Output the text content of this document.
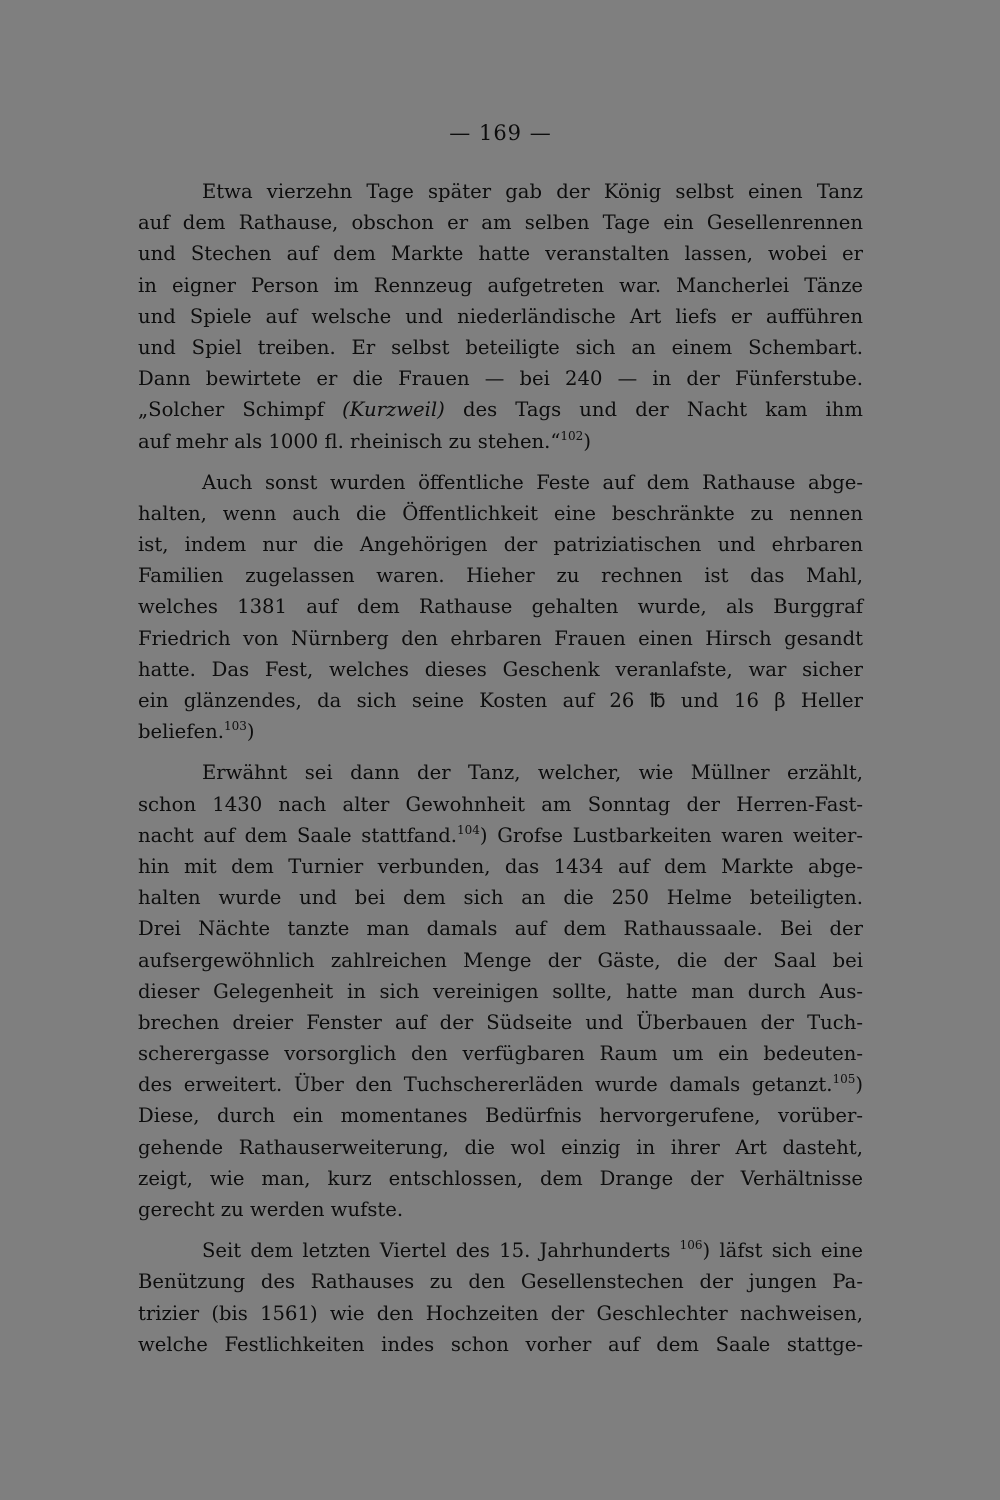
— 169 —
Etwa vierzehn Tage später gab der König selbst einen Tanz
auf dem Rathause, obschon er am selben Tage ein Gesellenrennen
und Stechen auf dem Markte hatte veranstalten lassen, wobei er
in eigner Person im Rennzeug aufgetreten war. Mancherlei Tänze
und Spiele auf welsche und niederländische Art liefs er aufführen
und Spiel treiben. Er selbst beteiligte sich an einem Schembart.
Dann bewirtete er die Frauen — bei 240 — in der Fünferstube.
„Solcher Schimpf (Kurzweil) des Tags und der Nacht kam ihm
auf mehr als 1000 fl. rheinisch zu stehen.“$^{102}$)
Auch sonst wurden öffentliche Feste auf dem Rathause abge-
halten, wenn auch die Öffentlichkeit eine beschränkte zu nennen
ist, indem nur die Angehörigen der patriziatischen und ehrbaren
Familien zugelassen waren. Hieher zu rechnen ist das Mahl,
welches 1381 auf dem Rathause gehalten wurde, als Burggraf
Friedrich von Nürnberg den ehrbaren Frauen einen Hirsch gesandt
hatte. Das Fest, welches dieses Geschenk veranlafste, war sicher
ein glänzendes, da sich seine Kosten auf 26 ℔ und 16 β Heller
beliefen.$^{103}$)
Erwähnt sei dann der Tanz, welcher, wie Müllner erzählt,
schon 1430 nach alter Gewohnheit am Sonntag der Herren-Fast-
nacht auf dem Saale stattfand.$^{104}$) Grofse Lustbarkeiten waren weiter-
hin mit dem Turnier verbunden, das 1434 auf dem Markte abge-
halten wurde und bei dem sich an die 250 Helme beteiligten.
Drei Nächte tanzte man damals auf dem Rathaussaale. Bei der
aufsergewöhnlich zahlreichen Menge der Gäste, die der Saal bei
dieser Gelegenheit in sich vereinigen sollte, hatte man durch Aus-
brechen dreier Fenster auf der Südseite und Überbauen der Tuch-
scherergasse vorsorglich den verfügbaren Raum um ein bedeuten-
des erweitert. Über den Tuchschererläden wurde damals getanzt.$^{105}$)
Diese, durch ein momentanes Bedürfnis hervorgerufene, vorüber-
gehende Rathauserweiterung, die wol einzig in ihrer Art dasteht,
zeigt, wie man, kurz entschlossen, dem Drange der Verhältnisse
gerecht zu werden wufste.
Seit dem letzten Viertel des 15. Jahrhunderts $^{106}$) läfst sich eine
Benützung des Rathauses zu den Gesellenstechen der jungen Pa-
trizier (bis 1561) wie den Hochzeiten der Geschlechter nachweisen,
welche Festlichkeiten indes schon vorher auf dem Saale stattge-
